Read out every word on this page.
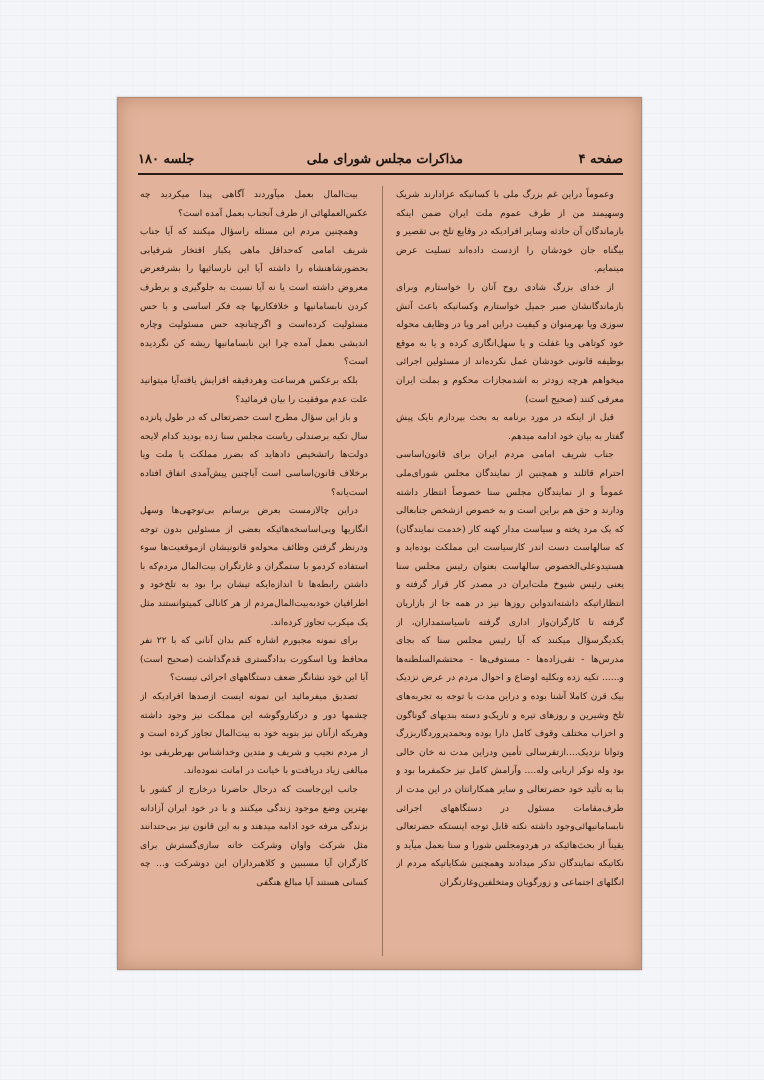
صفحه ۴
مذاکرات مجلس شورای ملی
جلسه ۱۸۰

وعموماً دراین غم بزرگ ملی با کسانیکه عزادارند شریک وسهیمند من از طرف عموم ملت ایران ضمن اینکه بازماندگان آن حادثه وسایر افرادیکه در وقایع تلخ بی تقصیر و بیگناه جان خودشان را ازدست داده‌اند تسلیت عرض مینمایم.

از خدای بزرگ شادی روح آنان را خواستارم وبرای بازماندگانشان صبر جمیل خواستارم وکسانیکه باعث آتش سوزی ویا بهرمنوان و کیفیت دراین امر ویا در وظایف محوله خود کوتاهی ویا غفلت و یا سهل‌انگاری کرده و یا به موقع بوظیفه قانونی خودشان عمل نکرده‌اند از مسئولین اجرائی میخواهم هرچه زودتر به اشدمجازات محکوم و بملت ایران معرفی کنند (صحیح است)

قبل از اینکه در مورد برنامه به بحث بپردازم بایک پیش گفتار به بیان خود ادامه میدهم.

جناب شریف امامی مردم ایران برای قانون‌اساسی احترام قائلند و همچنین از نمایندگان مجلس شورای‌ملی عموماً و از نمایندگان مجلس سنا خصوصاً انتظار داشته ودارند و حق هم براین است و به خصوص ازشخص جنابعالی که یک مرد پخته و سیاست مدار کهنه کار (خدمت نمایندگان) که سالهاست دست اندر کارسیاست این مملکت بوده‌اید و هستیدوعلی‌الخصوص سالهاست بعنوان رئیس مجلس سنا یعنی رئیس شیوخ ملت‌ایران در مصدر کار قرار گرفته و انتظاراتیکه داشته‌اندواین روزها نیز در همه جا از بازاریان گرفته تا کارگران‌واز اداری گرفته تاسیاستمداران، از یکدیگرسؤال میکنند که آیا رئیس مجلس سنا که بجای مدرس‌ها - تقی‌زاده‌ها - مستوفی‌ها - محتشم‌السلطنه‌ها و...... تکیه زده وبکلیه اوضاع و احوال مردم در عرض نزدیک بیک قرن کاملا آشنا بوده و دراین مدت با توجه به تجربه‌های تلخ وشیرین و روزهای تیره و تاریک‌و دسته بندیهای گوناگون و احزاب مختلف وقوف کامل دارا بوده وبحمدپروردگاربزرگ وتوانا نزدیک....ازتقرسالی تأمین ودراین مدت نه خان خالی بود وله نوکر اربابی وله.... وآرامش کامل نیز حکمفرما بود و بنا به تأئید خود حضرتعالی و سایر همکارانتان در این مدت از طرف‌مقامات مسئول در دستگاههای اجرائی نابسامانیهائی‌وجود داشته نکته قابل توجه اینستکه حضرتعالی یقیناً از بحث‌هائیکه در هردومجلس شورا و سنا بعمل میآید و نکاتیکه نمایندگان تذکر میدادند وهمچنین شکایاتیکه مردم از انگلهای اجتماعی و زورگویان ومتخلفین‌وغارتگران

بیت‌المال بعمل میآوردند آگاهی پیدا میکردید چه عکس‌العملهائی از طرف آنجناب بعمل آمده است؟

وهمچنین مردم این مسئله راسؤال میکنند که آیا جناب شریف امامی که‌حداقل ماهی یکبار افتخار شرفیابی بحضورشاهنشاه را داشته آیا این نارسائیها را بشرفعرض معروض داشته است یا نه آیا نسبت به جلوگیری و برطرف کردن نابسامانیها و خلافکاریها چه فکر اساسی و با حس مسئولیت کرده‌است و اگرچنانچه حس مسئولیت وچاره اندیشی بعمل آمده چرا این نابسامانیها ریشه کن نگردیده است؟

بلکه برعکس هرساعت وهردقیقه افزایش یافته‌آیا میتوانید علت عدم موفقیت را بیان فرمائید؟

و باز این سؤال مطرح است حضرتعالی که در طول پانزده سال تکیه برصندلی ریاست مجلس سنا زده بودید کدام لایحه دولت‌ها راتشخیص دادهاید که بضرر مملکت یا ملت ویا برخلاف قانون‌اساسی است آیاچنین پیش‌آمدی اتفاق افتاده است‌یانه؟

دراین چالازمست بعرض برسانم بی‌توجهی‌ها وسهل انگاریها وبی‌اساسخه‌هائیکه بعضی از مسئولین بدون توجه ودرنظر گرفتن وظائف محوله‌و قانونیشان ازموقعیت‌ها سوء استفاده کردمو با ستمگران و غارتگران بیت‌المال مردم‌که با داشتن رابطه‌ها تا اندازه‌ایکه تیشان برا بود به تلخ‌خود و اطرافیان خودبه‌بیت‌المال‌مردم از هر کانالی کمیتوانستند مثل یک میکرب تجاوز کرده‌اند.

برای نمونه مجبورم اشاره کنم بدان آنانی که با ۲۲ نفر محافظ ویا اسکورت بدادگستری قدم‌گذاشت (صحیح است) آیا این خود نشانگر ضعف دستگاههای اجرائی نیست؟

تصدیق میفرمائید این نمونه ایست ازصدها افرادیکه از چشمها دور و درکناروگوشه این مملکت نیز وجود داشته وهریکه ازآنان نیز بنوبه خود به بیت‌المال تجاوز کرده است و از مردم نجیب و شریف و متدین وخداشناس بهرطریقی بود مبالغی زیاد دریافت‌و با خیانت در امانت نموده‌اند.

جانب این‌جاست که درحال حاضرنا درخارج از کشور با بهترین وضع موجود زندگی میکنند و با در خود ایران آزادانه بزندگی مرفه خود ادامه میدهند و به این قانون نیز بی‌حتدانند مثل شرکت واوان وشرکت خانه سازی‌گسترش برای کارگران آیا مسببین و کلاهبرداران این دوشرکت و... چه کسانی هستند آیا مبالغ هنگفی
